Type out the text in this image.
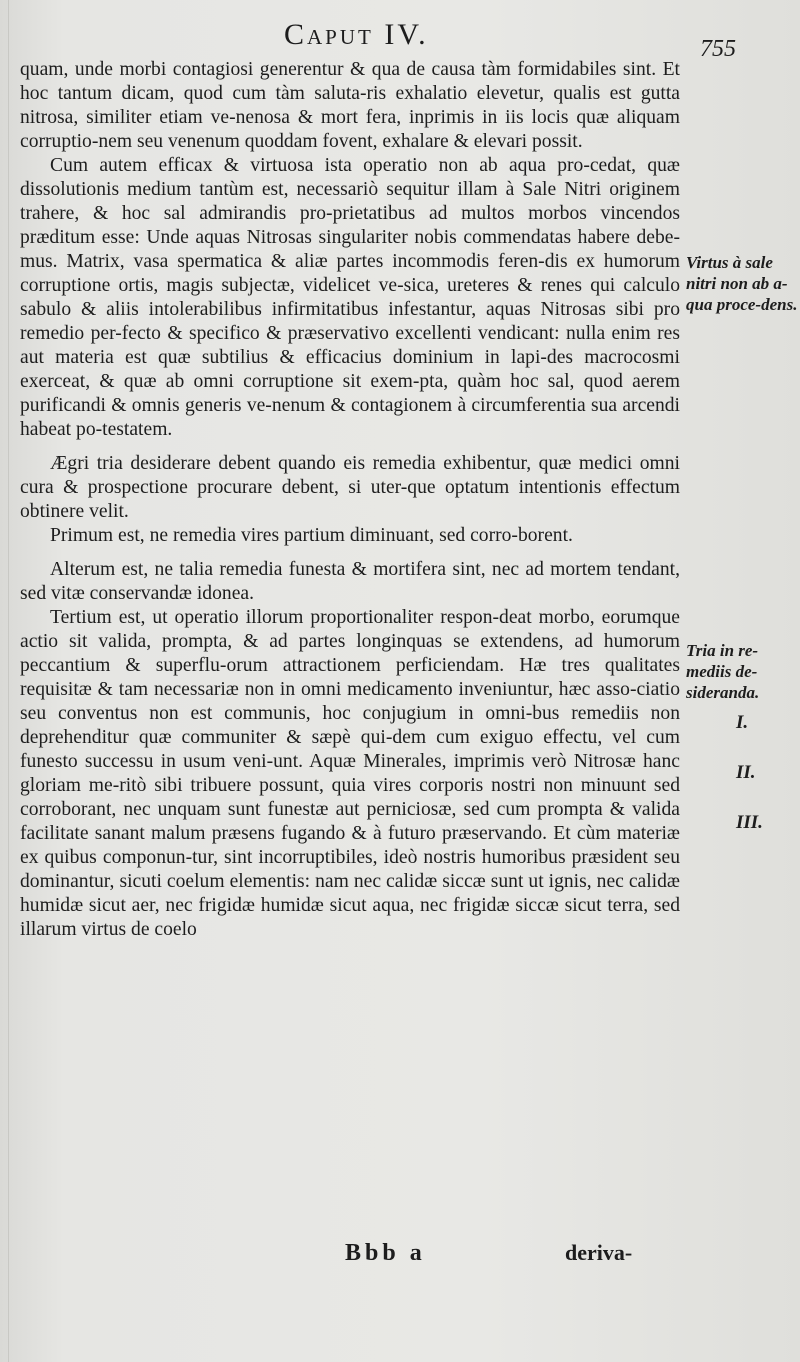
Caput IV.	755

quam, unde morbi contagiosi generentur & qua de causa tàm formidabiles sint. Et hoc tantum dicam, quod cum tàm saluta-ris exhalatio elevetur, qualis est gutta nitrosa, similiter etiam ve-nenosa & mort fera, inprimis in iis locis quæ aliquam corruptio-nem seu venenum quoddam fovent, exhalare & elevari possit.

Cum autem efficax & virtuosa ista operatio non ab aqua pro-cedat, quæ dissolutionis medium tantùm est, necessariò sequitur illam à Sale Nitri originem trahere, & hoc sal admirandis pro-prietatibus ad multos morbos vincendos præditum esse: Unde aquas Nitrosas singulariter nobis commendatas habere debe-mus. Matrix, vasa spermatica & aliæ partes incommodis feren-dis ex humorum corruptione ortis, magis subjectæ, videlicet ve-sica, ureteres & renes qui calculo sabulo & aliis intolerabilibus infirmitatibus infestantur, aquas Nitrosas sibi pro remedio per-fecto & specifico & præservativo excellenti vendicant: nulla enim res aut materia est quæ subtilius & efficacius dominium in lapi-des macrocosmi exerceat, & quæ ab omni corruptione sit exem-pta, quàm hoc sal, quod aerem purificandi & omnis generis ve-nenum & contagionem à circumferentia sua arcendi habeat po-testatem.

Ægri tria desiderare debent quando eis remedia exhibentur, quæ medici omni cura & prospectione procurare debent, si uter-que optatum intentionis effectum obtinere velit.

Primum est, ne remedia vires partium diminuant, sed corro-borent.

Alterum est, ne talia remedia funesta & mortifera sint, nec ad mortem tendant, sed vitæ conservandæ idonea.

Tertium est, ut operatio illorum proportionaliter respon-deat morbo, eorumque actio sit valida, prompta, & ad partes longinquas se extendens, ad humorum peccantium & superflu-orum attractionem perficiendam. Hæ tres qualitates requisitæ & tam necessariæ non in omni medicamento inveniuntur, hæc asso-ciatio seu conventus non est communis, hoc conjugium in omni-bus remediis non deprehenditur quæ communiter & sæpè qui-dem cum exiguo effectu, vel cum funesto successu in usum veni-unt. Aquæ Minerales, imprimis verò Nitrosæ hanc gloriam me-ritò sibi tribuere possunt, quia vires corporis nostri non minuunt sed corroborant, nec unquam sunt funestæ aut perniciosæ, sed cum prompta & valida facilitate sanant malum præsens fugando & à futuro præservando. Et cùm materiæ ex quibus componun-tur, sint incorruptibiles, ideò nostris humoribus præsident seu dominantur, sicuti coelum elementis: nam nec calidæ siccæ sunt ut ignis, nec calidæ humidæ sicut aer, nec frigidæ humidæ sicut aqua, nec frigidæ siccæ sicut terra, sed illarum virtus de coelo

Virtus à sale nitri non ab a-qua proce-dens.
Tria in re-mediis de-sideranda.
I.
II.
III.
Bbb a	deriva-
